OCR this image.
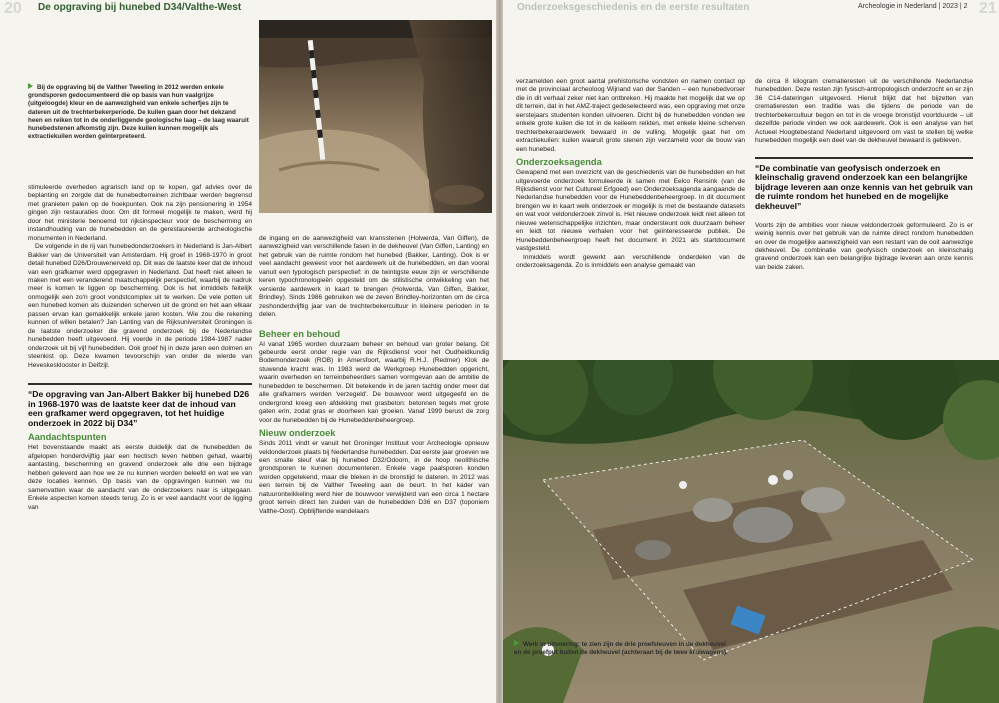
20 De opgraving bij hunebed D34/Valthe-West
Bij de opgraving bij de Valther Tweeling in 2012 werden enkele grondsporen gedocumenteerd die op basis van hun vaalgrijze (uitgeloogde) kleur en de aanwezigheid van enkele scherfjes zijn te dateren uit de trechterbekerperiode. De kuilen gaan door het dekzand heen en reiken tot in de onderliggende geologische laag – de laag waaruit hunebedstenen afkomstig zijn. Deze kuilen kunnen mogelijk als extractiekuilen worden geïnterpreteerd.

stimuleerde overheden agrarisch land op te kopen, gaf advies over de beplanting en zorgde dat de hunebedterreinen zichtbaar werden begrensd met granieten palen op de hoekpunten. Ook na zijn pensionering in 1954 gingen zijn restauraties door. Om dit formeel mogelijk te maken, werd hij door het ministerie benoemd tot rijksinspecteur voor de bescherming en instandhouding van de hunebedden en de gerestaureerde archeologische monumenten in Nederland.

De volgende in de rij van hunebedonderzoekers in Nederland is Jan-Albert Bakker van de Universiteit van Amsterdam. Hij groef in 1968-1970 in groot detail hunebed D26/Drouwenerveld op. Dit was de laatste keer dat de inhoud van een grafkamer werd opgegraven in Nederland. Dat heeft niet alleen te maken met een veranderend maatschappelijk perspectief, waarbij de nadruk meer is komen te liggen op bescherming. Ook is het inmiddels feitelijk onmogelijk een zo'n groot vondstcomplex uit te werken. De vele potten uit een hunebed komen als duizenden scherven uit de grond en het aan elkaar passen ervan kan gemakkelijk enkele jaren kosten. Wie zou die rekening kunnen of willen betalen? Jan Lanting van de Rijksuniversiteit Groningen is de laatste onderzoeker die gravend onderzoek bij de Nederlandse hunebedden heeft uitgevoerd. Hij voerde in de periode 1984-1987 nader onderzoek uit bij vijf hunebedden. Ook groef hij in deze jaren een dolmen en steenkist op. Deze kwamen tevoorschijn van onder de wierde van Heveskesklooster in Delfzijl.

“De opgraving van Jan-Albert Bakker bij hunebed D26 in 1968-1970 was de laatste keer dat de inhoud van een grafkamer werd opgegraven, tot het huidige onderzoek in 2022 bij D34”
Aandachtspunten

Het bovenstaande maakt als eerste duidelijk dat de hunebedden de afgelopen honderdvijftig jaar een hectisch leven hebben gehad, waarbij aantasting, bescherming en gravend onderzoek alle drie een bijdrage hebben geleverd aan hoe we ze nu kunnen worden beleefd en wat we van deze locaties kennen. Op basis van de opgravingen kunnen we nu samenvatten waar de aandacht van de onderzoekers naar is uitgegaan. Enkele aspecten komen steeds terug. Zo is er veel aandacht voor de ligging van

de ingang en de aanwezigheid van kransstenen (Holwerda, Van Giffen), de aanwezigheid van verschillende fasen in de dekheuvel (Van Giffen, Lanting) en het gebruik van de ruimte rondom het hunebed (Bakker, Lanting). Ook is er veel aandacht geweest voor het aardewerk uit de hunebedden, en dan vooral vanuit een typologisch perspectief: in de twintigste eeuw zijn er verschillende keren typochronologieën opgesteld om de stilistische ontwikkeling van het versierde aardewerk in kaart te brengen (Holwerda, Van Giffen, Bakker, Brindley). Sinds 1986 gebruiken we de zeven Brindley-horizonten om de circa zeshonderdvijftig jaar van de trechterbekercultuur in kleinere perioden in te delen.

Beheer en behoud

Al vanaf 1965 worden duurzaam beheer en behoud van groter belang. Dit gebeurde eerst onder regie van de Rijksdienst voor het Oudheidkundig Bodemonderzoek (ROB) in Amersfoort, waarbij R.H.J. (Redmer) Klok de stuwende kracht was. In 1983 werd de Werkgroep Hunebedden opgericht, waarin overheden en terreinbeheerders samen vormgevan aan de ambitie de hunebedden te beschermen. Dit betekende in de jaren tachtig onder meer dat alle grafkamers werden 'verzegeld'. De bouwvoor werd uitgegeefd en de ondergrond kreeg een afdekking met grasbeton: betonnen tegels met grote gaten erin, zodat gras er doorheen kan groeien. Vanaf 1999 berust de zorg voor de hunebedden bij de Hunebeddenbeheergroep.

Nieuw onderzoek

Sinds 2011 vindt er vanuit het Groninger Instituut voor Archeologie opnieuw veldonderzoek plaats bij Nederlandse hunebedden. Dat eerste jaar groeven we een smalle sleuf vlak bij hunebed D32/Odoorn, in de hoop neolithische grondsporen te kunnen documenteren. Enkele vage paalsporen konden worden opgetekend, maar die bleken in de bronstijd te dateren. In 2012 was een terrein bij de Valther Tweeling aan de beurt. In het kader van natuurontwikkeling werd hier de bouwvoor verwijderd van een circa 1 hectare groot terrein direct ten zuiden van de hunebedden D36 en D37 (toponiem Valthe-Oost). Opblijftende wandelaars

Onderzoeksgeschiedenis en de eerste resultaten	Archeologie in Nederland | 2023 | 2 21

verzamelden een groot aantal prehistorische vondsten en namen contact op met de provinciaal archeoloog Wijnand van der Sanden – een hunebedvorser die in dit verhaal zeker niet kan ontbreken. Hij maakte het mogelijk dat we op dit terrein, dat in het AMZ-traject gedeselecteerd was, een opgraving met onze eerstejaars studenten konden uitvoeren. Dicht bij de hunebedden vonden we enkele grote kuilen die tot in de keileem reikten, met enkele kleine scherven trechterbekeraardewerk bewaard in de vulling. Mogelijk gaat het om extractiekuilen: kuilen waaruit grote stenen zijn verzameld voor de bouw van een hunebed.

Onderzoeksagenda

Gewapend met een overzicht van de geschiedenis van de hunebedden en het uitgevoerde onderzoek formuleerde ik samen met Eelco Rensink (van de Rijksdienst voor het Cultureel Erfgoed) een Onderzoeksagenda aangaande de Nederlandse hunebedden voor de Hunebeddenbeheergroep. In dit document brengen we in kaart welk onderzoek er mogelijk is met de bestaande datasets en wat voor veldonderzoek zinvol is. Het nieuwe onderzoek leidt niet alleen tot nieuwe wetenschappelijke inzichten, maar ondersteunt ook duurzaam beheer en leidt tot nieuwe verhalen voor het geïnteresseerde publiek. De Hunebeddenbeheergroep heeft het document in 2021 als startdocument vastgesteld.

Inmiddels wordt gewerkt aan verschillende onderdelen van de onderzoeksagenda. Zo is inmiddels een analyse gemaakt van

de circa 8 kilogram crematieresten uit de verschillende Nederlandse hunebedden. Deze resten zijn fysisch-antropologisch onderzocht en er zijn 36 C14-dateringen uitgevoerd. Hieruit blijkt dat het bijzetten van crematieresten een traditie was die tijdens de periode van de trechterbekercultuur begon en tot in de vroege bronstijd voortduurde – uit dezelfde periode vinden we ook aardewerk. Ook is een analyse van het Actueel Hoogtebestand Nederland uitgevoerd om vast te stellen bij welke hunebedden mogelijk een deel van de dekheuvel bewaard is gebleven.

“De combinatie van geofysisch onderzoek en kleinschalig gravend onderzoek kan een belangrijke bijdrage leveren aan onze kennis van het gebruik van de ruimte rondom het hunebed en de mogelijke dekheuvel”

Voorts zijn de ambities voor nieuw veldonderzoek geformuleerd. Zo is er weinig kennis over het gebruik van de ruimte direct rondom hunebedden en over de mogelijke aanwezigheid van een restant van de ooit aanwezige dekheuvel. De combinatie van geofysisch onderzoek en kleinschalig gravend onderzoek kan een belangrijke bijdrage leveren aan onze kennis van beide zaken.

Werk in uitvoering: te zien zijn de drie proefsleuven in de dekheuvel en de proefput buiten de dekheuvel (achteraan bij de twee kruiwagens).
